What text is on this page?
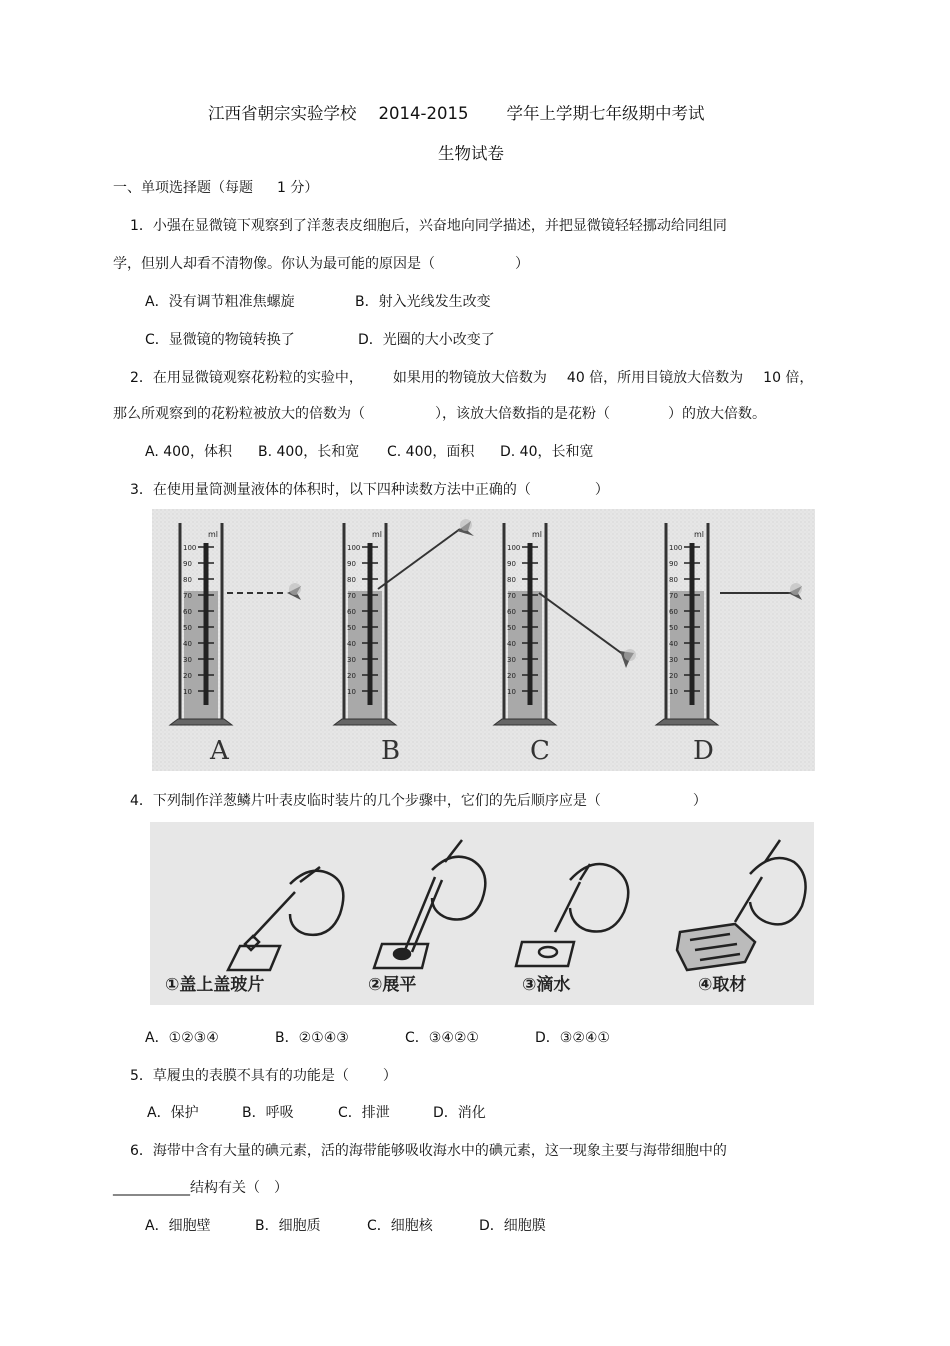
江西省朝宗实验学校 2014-2015 学年上学期七年级期中考试
生物试卷
一、单项选择题（每题 1 分）
1．小强在显微镜下观察到了洋葱表皮细胞后，兴奋地向同学描述，并把显微镜轻轻挪动给同组同
学，但别人却看不清物像。你认为最可能的原因是（	）
A．没有调节粗准焦螺旋	B．射入光线发生改变
C．显微镜的物镜转换了	D．光圈的大小改变了
2．在用显微镜观察花粉粒的实验中， 如果用的物镜放大倍数为 40 倍，所用目镜放大倍数为 10 倍，
那么所观察到的花粉粒被放大的倍数为（	），该放大倍数指的是花粉（	）的放大倍数。
A. 400，体积 B. 400，长和宽 C. 400，面积 D. 40，长和宽
3．在使用量筒测量液体的体积时，以下四种读数方法中正确的（	）
100
90
80
70
60
50
40
30
20
10
ml
100
90
80
70
60
50
40
30
20
10
ml
100
90
80
70
60
50
40
30
20
10
ml
100
90
80
70
60
50
40
30
20
10
ml
A	B	C	D
4．下列制作洋葱鳞片叶表皮临时装片的几个步骤中，它们的先后顺序应是（	）
①盖上盖玻片	②展平	③滴水	④取材
A．①②③④	B．②①④③	C．③④②①	D．③②④①
5．草履虫的表膜不具有的功能是（ ）
A．保护	B．呼吸	C．排泄	D．消化
6．海带中含有大量的碘元素，活的海带能够吸收海水中的碘元素，这一现象主要与海带细胞中的
___________结构有关（ ）
A．细胞壁	B．细胞质	C．细胞核	D．细胞膜
